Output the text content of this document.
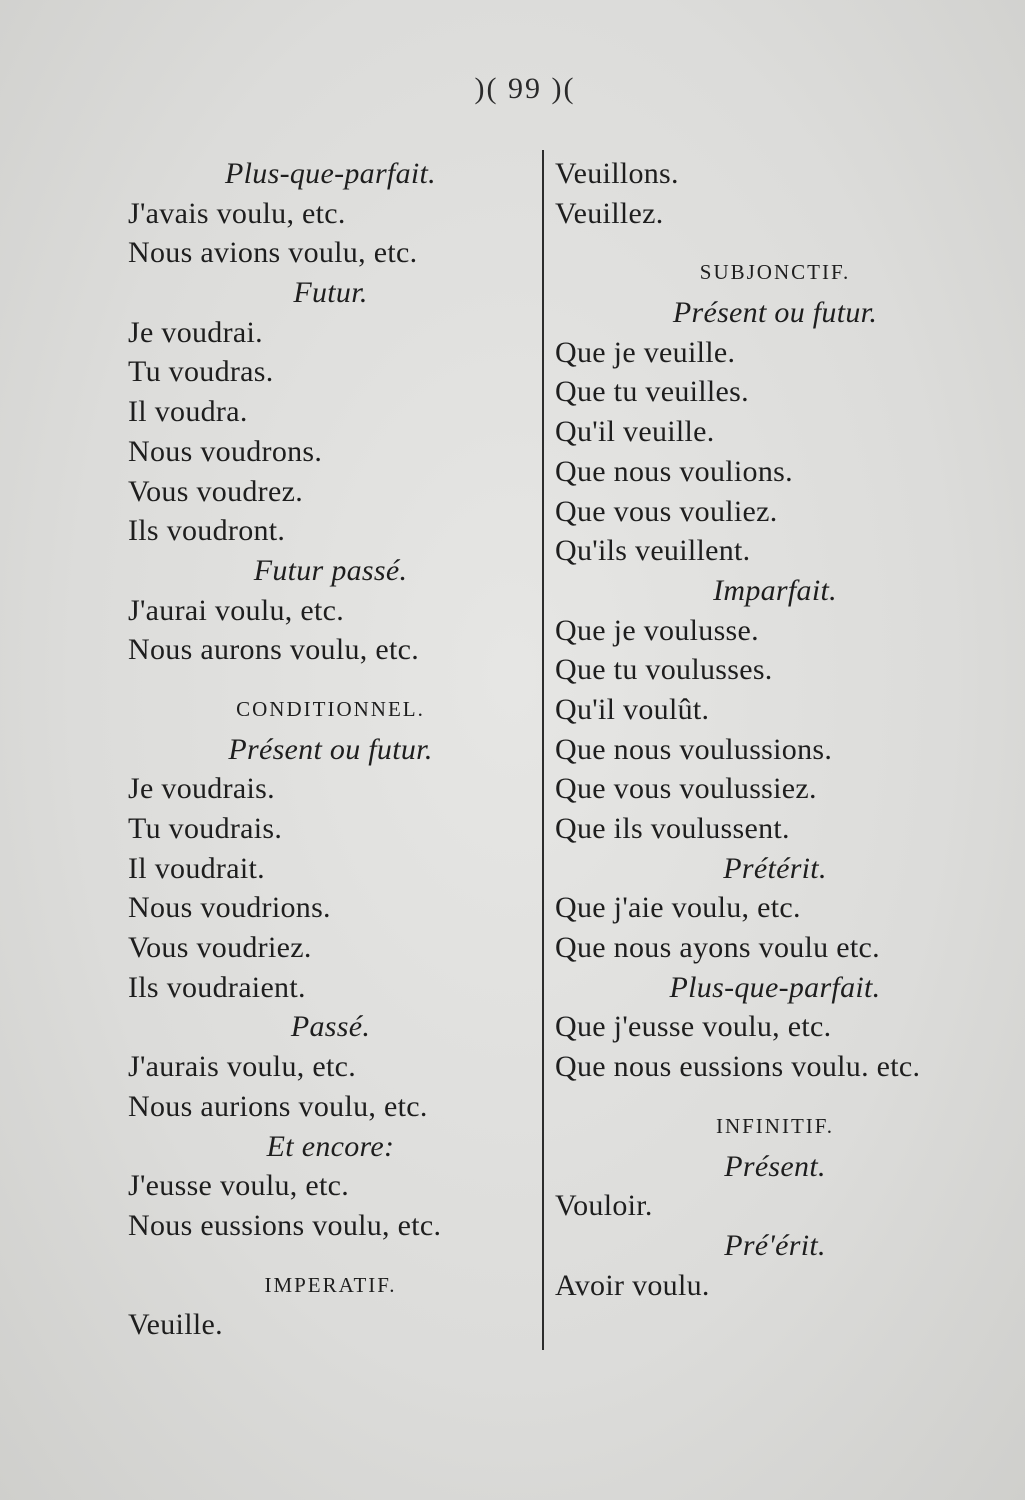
)( 99 )(
Plus-que-parfait.
J'avais voulu, etc.
Nous avions voulu, etc.
Futur.
Je voudrai.
Tu voudras.
Il voudra.
Nous voudrons.
Vous voudrez.
Ils voudront.
Futur passé.
J'aurai voulu, etc.
Nous aurons voulu, etc.
CONDITIONNEL.
Présent ou futur.
Je voudrais.
Tu voudrais.
Il voudrait.
Nous voudrions.
Vous voudriez.
Ils voudraient.
Passé.
J'aurais voulu, etc.
Nous aurions voulu, etc.
Et encore:
J'eusse voulu, etc.
Nous eussions voulu, etc.
IMPERATIF.
Veuille.
Veuillons.
Veuillez.
SUBJONCTIF.
Présent ou futur.
Que je veuille.
Que tu veuilles.
Qu'il veuille.
Que nous voulions.
Que vous vouliez.
Qu'ils veuillent.
Imparfait.
Que je voulusse.
Que tu voulusses.
Qu'il voulût.
Que nous voulussions.
Que vous voulussiez.
Que ils voulussent.
Prétérit.
Que j'aie voulu, etc.
Que nous ayons voulu etc.
Plus-que-parfait.
Que j'eusse voulu, etc.
Que nous eussions voulu. etc.
INFINITIF.
Présent.
Vouloir.
Pré'érit.
Avoir voulu.
